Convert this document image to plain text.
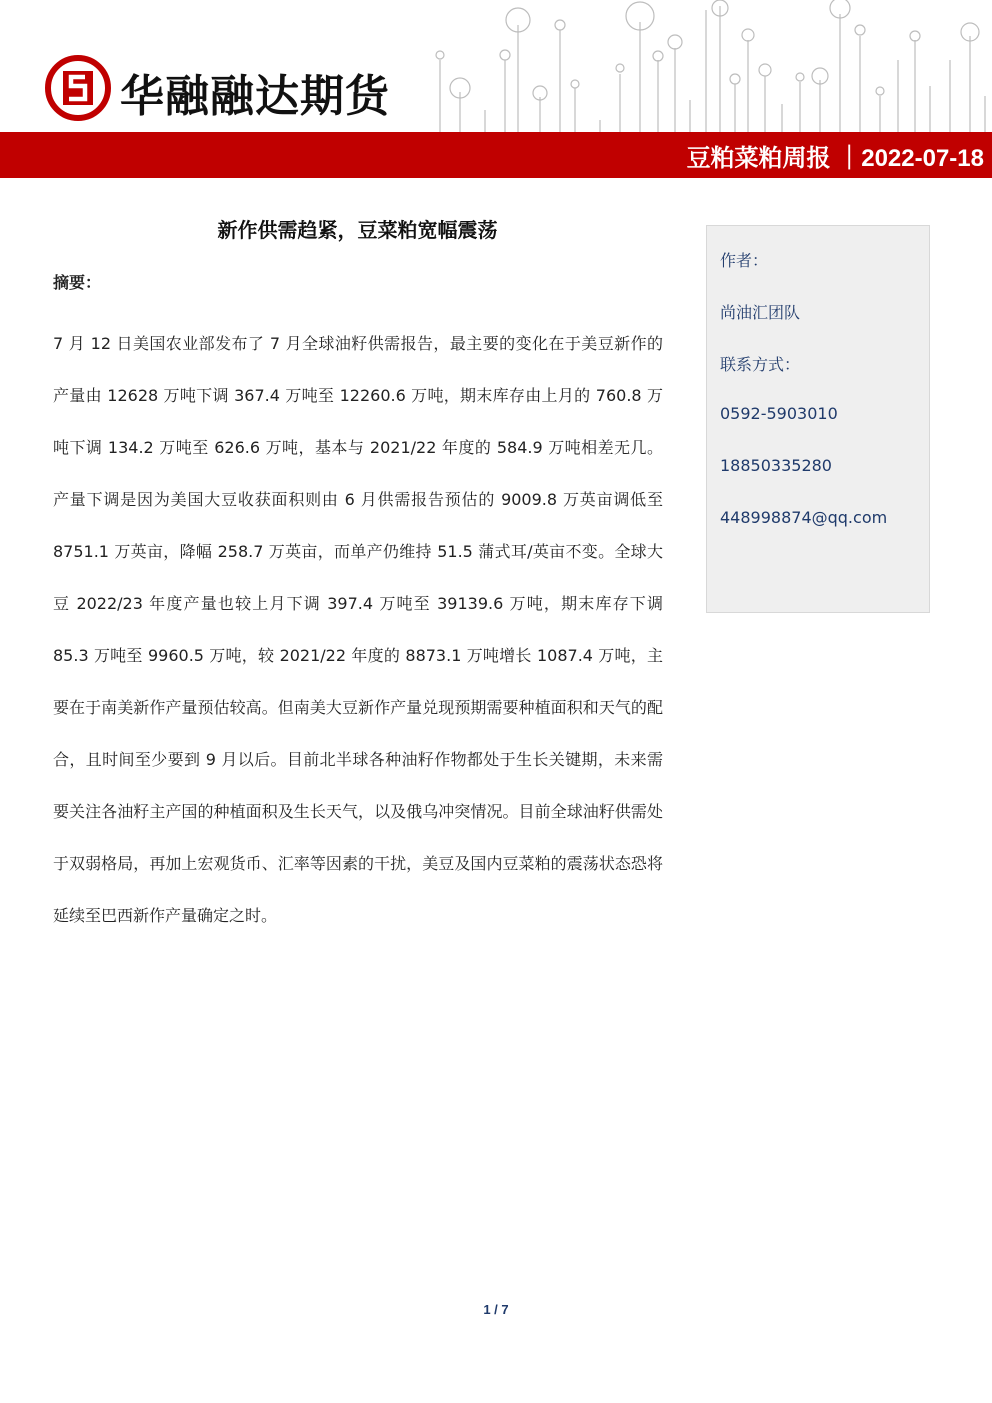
华融融达期货
豆粕菜粕周报 ｜2022-07-18
新作供需趋紧，豆菜粕宽幅震荡
摘要：
7 月 12 日美国农业部发布了 7 月全球油籽供需报告，最主要的变化在于美豆新作的产量由 12628 万吨下调 367.4 万吨至 12260.6 万吨，期末库存由上月的 760.8 万吨下调 134.2 万吨至 626.6 万吨，基本与 2021/22 年度的 584.9 万吨相差无几。产量下调是因为美国大豆收获面积则由 6 月供需报告预估的 9009.8 万英亩调低至 8751.1 万英亩，降幅 258.7 万英亩，而单产仍维持 51.5 蒲式耳/英亩不变。全球大豆 2022/23 年度产量也较上月下调 397.4 万吨至 39139.6 万吨，期末库存下调 85.3 万吨至 9960.5 万吨，较 2021/22 年度的 8873.1 万吨增长 1087.4 万吨，主要在于南美新作产量预估较高。但南美大豆新作产量兑现预期需要种植面积和天气的配合，且时间至少要到 9 月以后。目前北半球各种油籽作物都处于生长关键期，未来需要关注各油籽主产国的种植面积及生长天气，以及俄乌冲突情况。目前全球油籽供需处于双弱格局，再加上宏观货币、汇率等因素的干扰，美豆及国内豆菜粕的震荡状态恐将延续至巴西新作产量确定之时。
作者：
尚油汇团队
联系方式：
0592-5903010
18850335280
448998874@qq.com
1 / 7
